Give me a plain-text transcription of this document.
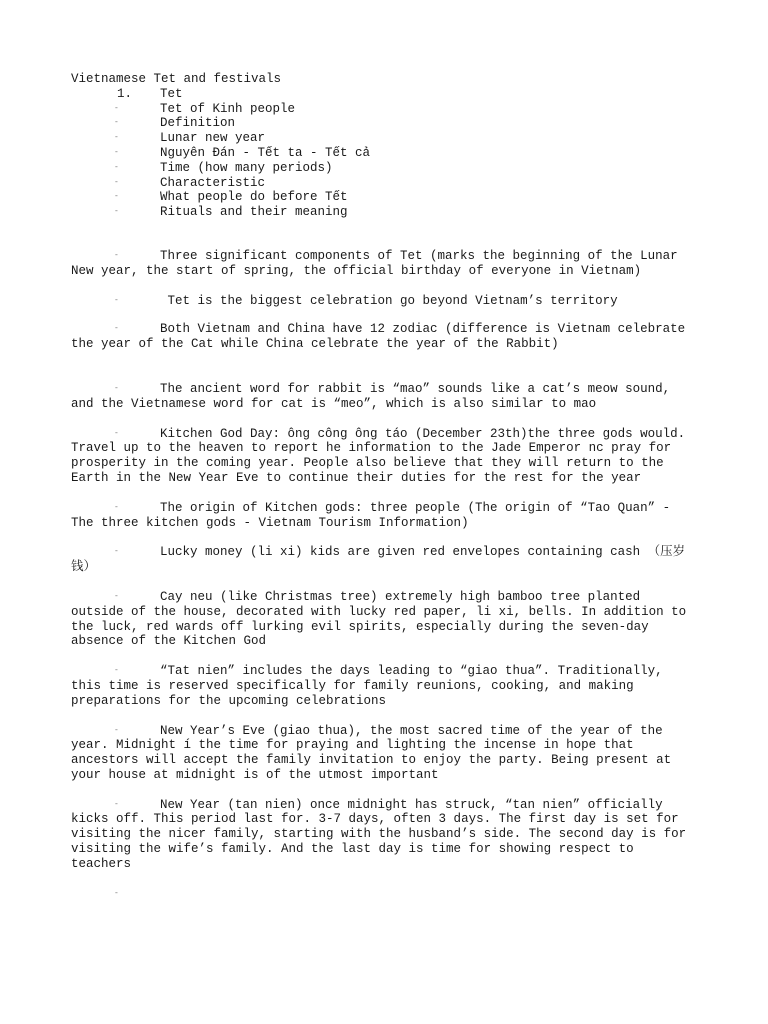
Vietnamese Tet and festivals

1. Tet
-	Tet of Kinh people
-	Definition
-	Lunar new year
-	Nguyên Đán - Tết ta - Tết cả
-	Time (how many periods)
-	Characteristic
-	What people do before Tết
-	Rituals and their meaning

-	Three significant components of Tet (marks the beginning of the Lunar New year, the start of spring, the official birthday of everyone in Vietnam)

-	Tet is the biggest celebration go beyond Vietnam’s territory

-	Both Vietnam and China have 12 zodiac (difference is Vietnam celebrate the year of the Cat while China celebrate the year of the Rabbit)

-	The ancient word for rabbit is “mao” sounds like a cat’s meow sound, and the Vietnamese word for cat is “meo”, which is also similar to mao

-	Kitchen God Day: ông công ông táo (December 23th)the three gods would. Travel up to the heaven to report he information to the Jade Emperor nc pray for prosperity in the coming year. People also believe that they will return to the Earth in the New Year Eve to continue their duties for the rest for the year

-	The origin of Kitchen gods: three people (The origin of “Tao Quan” - The three kitchen gods - Vietnam Tourism Information)

-	Lucky money (li xi) kids are given red envelopes containing cash （压岁钱）

-	Cay neu (like Christmas tree) extremely high bamboo tree planted outside of the house, decorated with lucky red paper, li xi, bells. In addition to the luck, red wards off lurking evil spirits, especially during the seven-day absence of the Kitchen God

-	“Tat nien” includes the days leading to “giao thua”. Traditionally, this time is reserved specifically for family reunions, cooking, and making preparations for the upcoming celebrations

-	New Year’s Eve (giao thua), the most sacred time of the year of the year. Midnight í the time for praying and lighting the incense in hope that ancestors will accept the family invitation to enjoy the party. Being present at your house at midnight is of the utmost important

-	New Year (tan nien) once midnight has struck, “tan nien” officially kicks off. This period last for. 3-7 days, often 3 days. The first day is set for visiting the nicer family, starting with the husband’s side. The second day is for visiting the wife’s family. And the last day is time for showing respect to teachers

-
